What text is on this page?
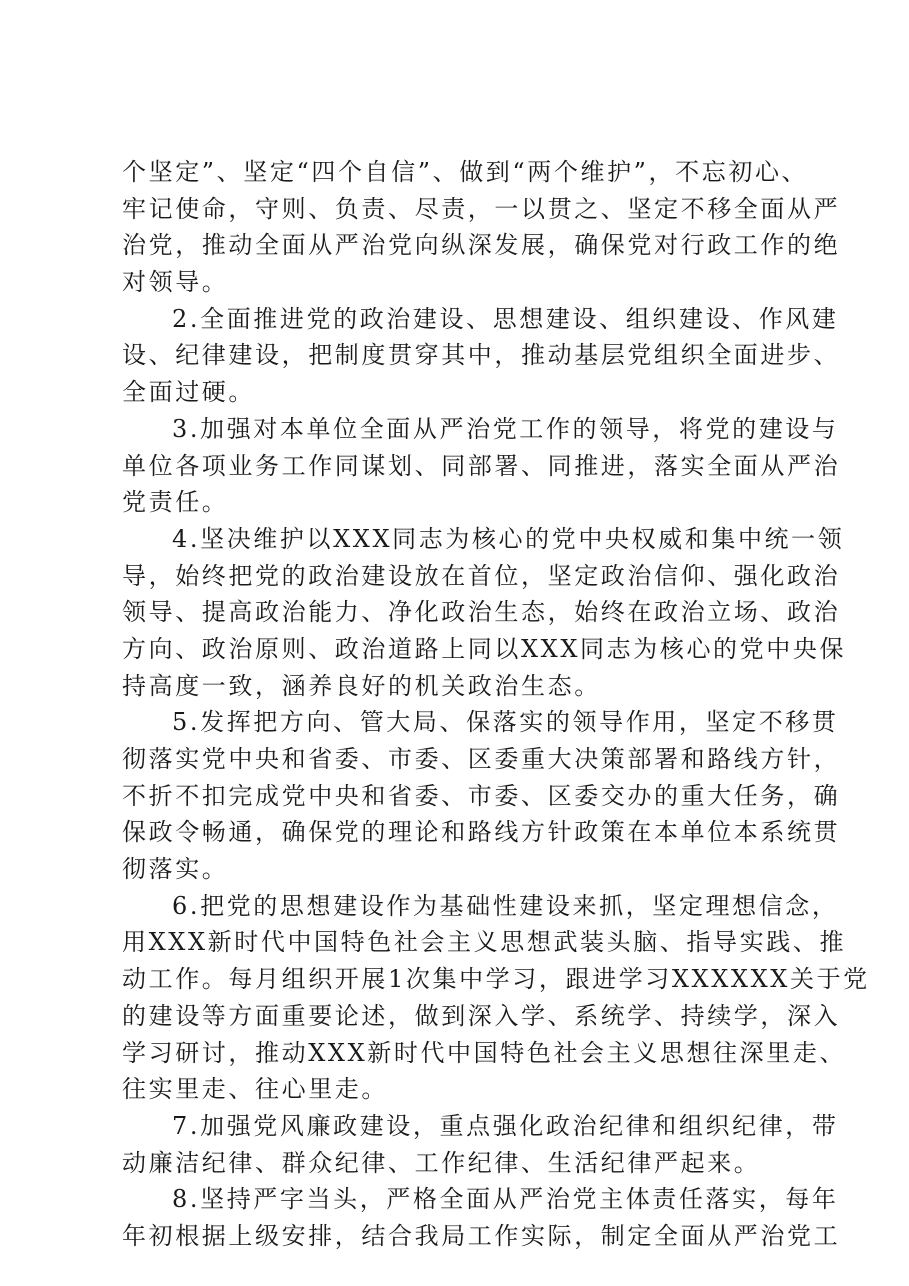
个坚定”、坚定“四个自信”、做到“两个维护”，不忘初心、
牢记使命，守则、负责、尽责，一以贯之、坚定不移全面从严
治党，推动全面从严治党向纵深发展，确保党对行政工作的绝
对领导。
2.全面推进党的政治建设、思想建设、组织建设、作风建
设、纪律建设，把制度贯穿其中，推动基层党组织全面进步、
全面过硬。
3.加强对本单位全面从严治党工作的领导，将党的建设与
单位各项业务工作同谋划、同部署、同推进，落实全面从严治
党责任。
4.坚决维护以XXX同志为核心的党中央权威和集中统一领
导，始终把党的政治建设放在首位，坚定政治信仰、强化政治
领导、提高政治能力、净化政治生态，始终在政治立场、政治
方向、政治原则、政治道路上同以XXX同志为核心的党中央保
持高度一致，涵养良好的机关政治生态。
5.发挥把方向、管大局、保落实的领导作用，坚定不移贯
彻落实党中央和省委、市委、区委重大决策部署和路线方针，
不折不扣完成党中央和省委、市委、区委交办的重大任务，确
保政令畅通，确保党的理论和路线方针政策在本单位本系统贯
彻落实。
6.把党的思想建设作为基础性建设来抓，坚定理想信念，
用XXX新时代中国特色社会主义思想武装头脑、指导实践、推
动工作。每月组织开展1次集中学习，跟进学习XXXXXX关于党
的建设等方面重要论述，做到深入学、系统学、持续学，深入
学习研讨，推动XXX新时代中国特色社会主义思想往深里走、
往实里走、往心里走。
7.加强党风廉政建设，重点强化政治纪律和组织纪律，带
动廉洁纪律、群众纪律、工作纪律、生活纪律严起来。
8.坚持严字当头，严格全面从严治党主体责任落实，每年
年初根据上级安排，结合我局工作实际，制定全面从严治党工
